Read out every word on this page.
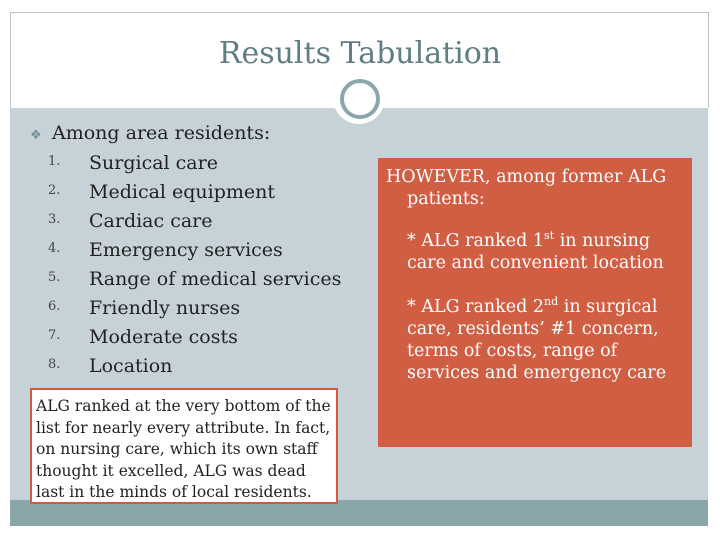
Results Tabulation
❖ Among area residents:
1. Surgical care
2. Medical equipment
3. Cardiac care
4. Emergency services
5. Range of medical services
6. Friendly nurses
7. Moderate costs
8. Location
ALG ranked at the very bottom of the list for nearly every attribute. In fact, on nursing care, which its own staff thought it excelled, ALG was dead last in the minds of local residents.

HOWEVER, among former ALG

patients:

* ALG ranked 1st in nursing

care and convenient location

* ALG ranked 2nd in surgical

care, residents’ #1 concern,

terms of costs, range of

services and emergency care
